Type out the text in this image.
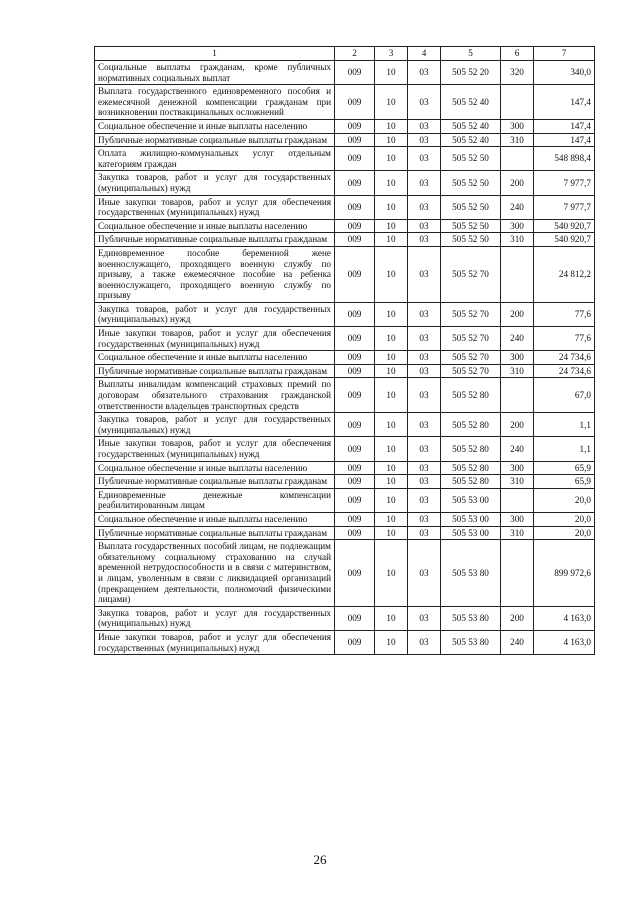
1	2	3	4	5	6	7
Социальные выплаты гражданам, кроме публичных нормативных социальных выплат	009	10	03	505 52 20	320	340,0
Выплата государственного единовременного пособия и ежемесячной денежной компенсации гражданам при возникновении поствакцинальных осложнений	009	10	03	505 52 40		147,4
Социальное обеспечение и иные выплаты населению	009	10	03	505 52 40	300	147,4
Публичные нормативные социальные выплаты гражданам	009	10	03	505 52 40	310	147,4
Оплата жилищно-коммунальных услуг отдельным категориям граждан	009	10	03	505 52 50		548 898,4
Закупка товаров, работ и услуг для государственных (муниципальных) нужд	009	10	03	505 52 50	200	7 977,7
Иные закупки товаров, работ и услуг для обеспечения государственных (муниципальных) нужд	009	10	03	505 52 50	240	7 977,7
Социальное обеспечение и иные выплаты населению	009	10	03	505 52 50	300	540 920,7
Публичные нормативные социальные выплаты гражданам	009	10	03	505 52 50	310	540 920,7
Единовременное пособие беременной жене военнослужащего, проходящего военную службу по призыву, а также ежемесячное пособие на ребенка военнослужащего, проходящего военную службу по призыву	009	10	03	505 52 70		24 812,2
Закупка товаров, работ и услуг для государственных (муниципальных) нужд	009	10	03	505 52 70	200	77,6
Иные закупки товаров, работ и услуг для обеспечения государственных (муниципальных) нужд	009	10	03	505 52 70	240	77,6
Социальное обеспечение и иные выплаты населению	009	10	03	505 52 70	300	24 734,6
Публичные нормативные социальные выплаты гражданам	009	10	03	505 52 70	310	24 734,6
Выплаты инвалидам компенсаций страховых премий по договорам обязательного страхования гражданской ответственности владельцев транспортных средств	009	10	03	505 52 80		67,0
Закупка товаров, работ и услуг для государственных (муниципальных) нужд	009	10	03	505 52 80	200	1,1
Иные закупки товаров, работ и услуг для обеспечения государственных (муниципальных) нужд	009	10	03	505 52 80	240	1,1
Социальное обеспечение и иные выплаты населению	009	10	03	505 52 80	300	65,9
Публичные нормативные социальные выплаты гражданам	009	10	03	505 52 80	310	65,9
Единовременные денежные компенсации реабилитированным лицам	009	10	03	505 53 00		20,0
Социальное обеспечение и иные выплаты населению	009	10	03	505 53 00	300	20,0
Публичные нормативные социальные выплаты гражданам	009	10	03	505 53 00	310	20,0
Выплата государственных пособий лицам, не подлежащим обязательному социальному страхованию на случай временной нетрудоспособности и в связи с материнством, и лицам, уволенным в связи с ликвидацией организаций (прекращением деятельности, полномочий физическими лицами)	009	10	03	505 53 80		899 972,6
Закупка товаров, работ и услуг для государственных (муниципальных) нужд	009	10	03	505 53 80	200	4 163,0
Иные закупки товаров, работ и услуг для обеспечения государственных (муниципальных) нужд	009	10	03	505 53 80	240	4 163,0
26
